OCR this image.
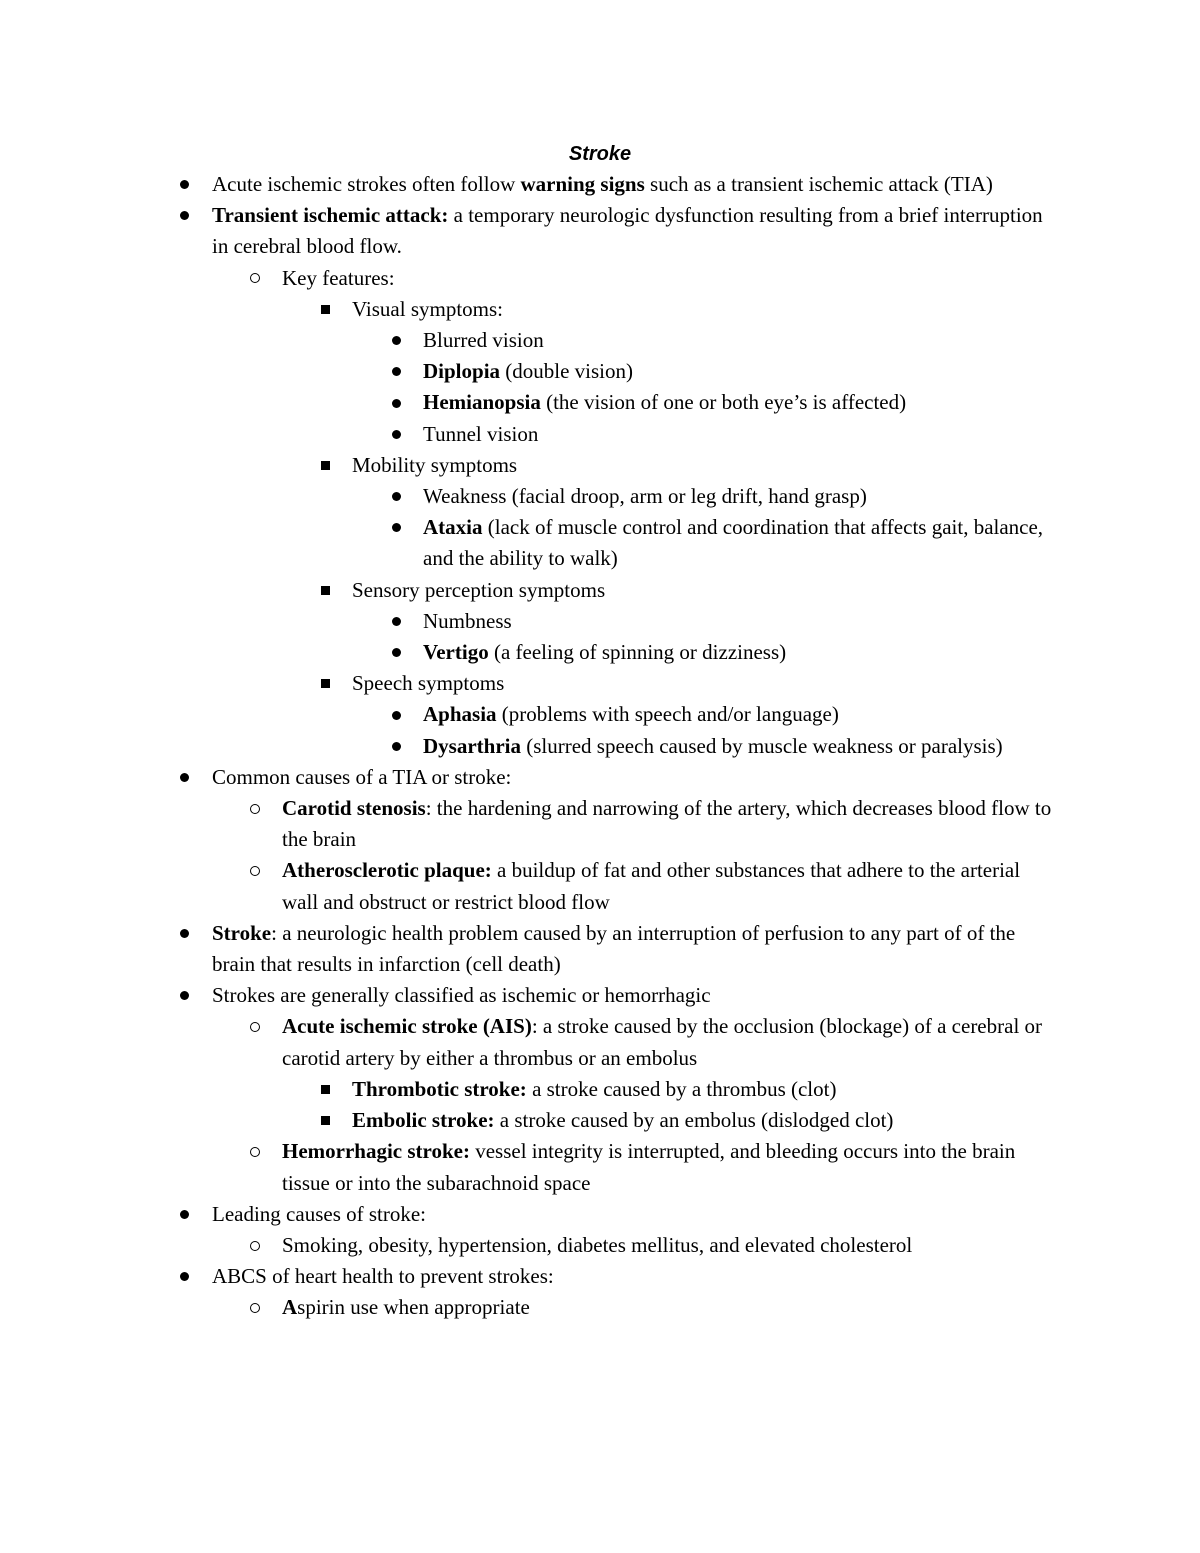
Stroke
Acute ischemic strokes often follow warning signs such as a transient ischemic attack (TIA)
Transient ischemic attack: a temporary neurologic dysfunction resulting from a brief interruption in cerebral blood flow.
Key features:
Visual symptoms:
Blurred vision
Diplopia (double vision)
Hemianopsia (the vision of one or both eye’s is affected)
Tunnel vision
Mobility symptoms
Weakness (facial droop, arm or leg drift, hand grasp)
Ataxia (lack of muscle control and coordination that affects gait, balance, and the ability to walk)
Sensory perception symptoms
Numbness
Vertigo (a feeling of spinning or dizziness)
Speech symptoms
Aphasia (problems with speech and/or language)
Dysarthria (slurred speech caused by muscle weakness or paralysis)
Common causes of a TIA or stroke:
Carotid stenosis: the hardening and narrowing of the artery, which decreases blood flow to the brain
Atherosclerotic plaque: a buildup of fat and other substances that adhere to the arterial wall and obstruct or restrict blood flow
Stroke: a neurologic health problem caused by an interruption of perfusion to any part of of the brain that results in infarction (cell death)
Strokes are generally classified as ischemic or hemorrhagic
Acute ischemic stroke (AIS): a stroke caused by the occlusion (blockage) of a cerebral or carotid artery by either a thrombus or an embolus
Thrombotic stroke: a stroke caused by a thrombus (clot)
Embolic stroke: a stroke caused by an embolus (dislodged clot)
Hemorrhagic stroke: vessel integrity is interrupted, and bleeding occurs into the brain tissue or into the subarachnoid space
Leading causes of stroke:
Smoking, obesity, hypertension, diabetes mellitus, and elevated cholesterol
ABCS of heart health to prevent strokes:
Aspirin use when appropriate
